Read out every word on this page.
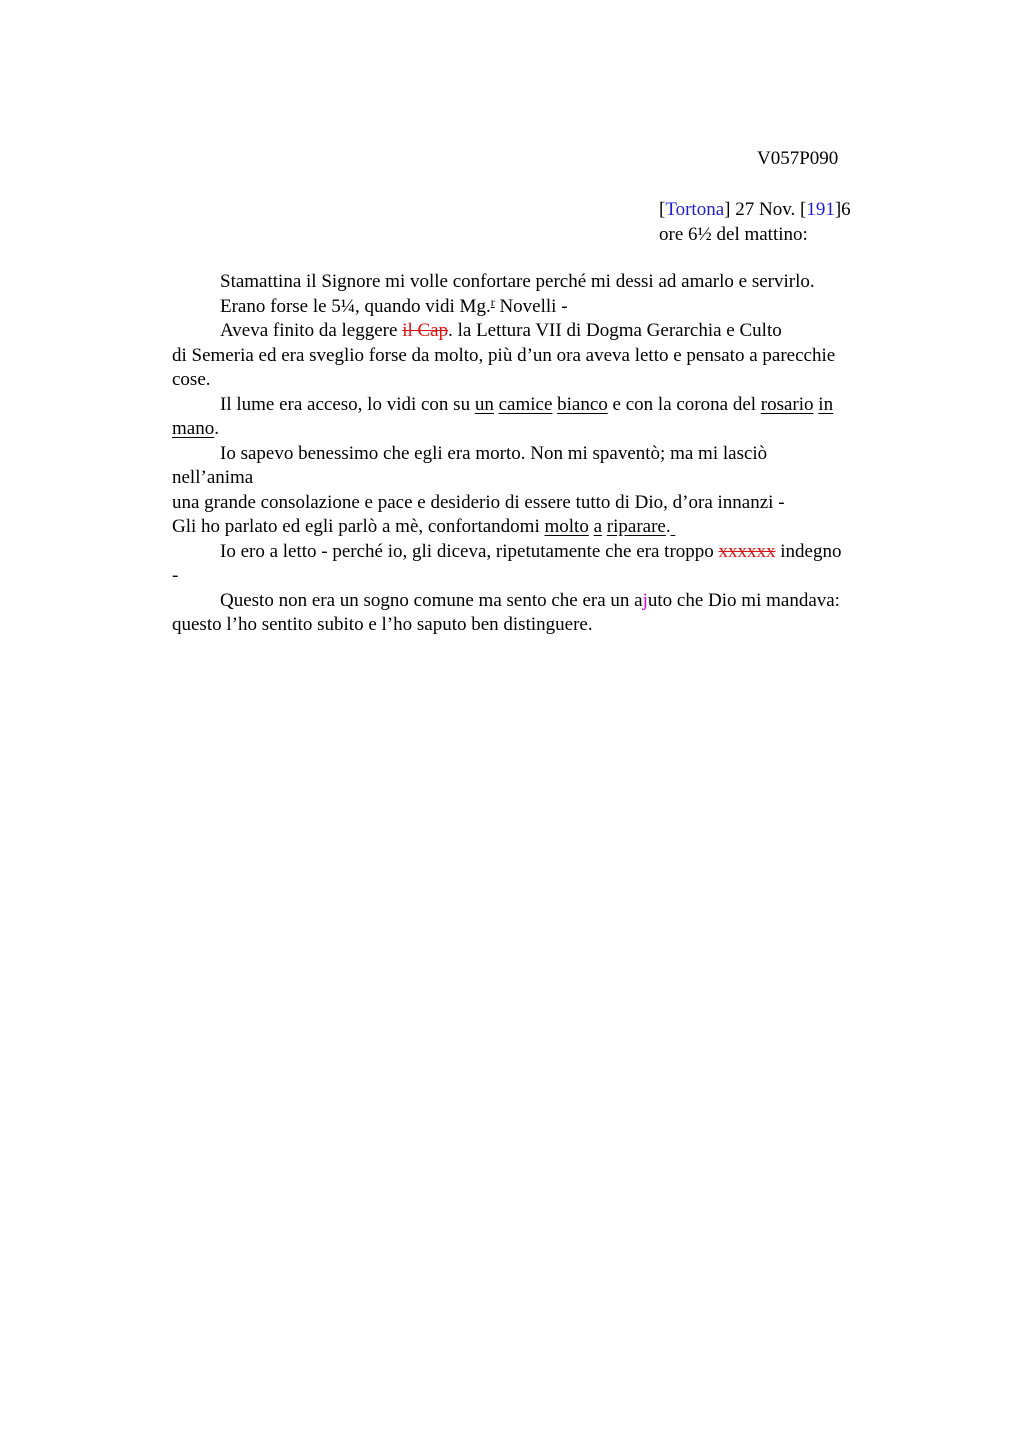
V057P090
[Tortona] 27 Nov. [191]6
ore 6½ del mattino:
Stamattina il Signore mi volle confortare perché mi dessi ad amarlo e servirlo.
Erano forse le 5¼, quando vidi Mg.$^r$ Novelli -
Aveva finito da leggere il Cap. la Lettura VII di Dogma Gerarchia e Culto
di Semeria ed era sveglio forse da molto, più d’un ora aveva letto e pensato a parecchie
cose.
Il lume era acceso, lo vidi con su un camice bianco e con la corona del rosario in
mano.
Io sapevo benessimo che egli era morto. Non mi spaventò; ma mi lasciò
nell’anima
una grande consolazione e pace e desiderio di essere tutto di Dio, d’ora innanzi -
Gli ho parlato ed egli parlò a mè, confortandomi molto a riparare.
Io ero a letto - perché io, gli diceva, ripetutamente che era troppo xxxxxx indegno
-
Questo non era un sogno comune ma sento che era un ajuto che Dio mi mandava:
questo l’ho sentito subito e l’ho saputo ben distinguere.
